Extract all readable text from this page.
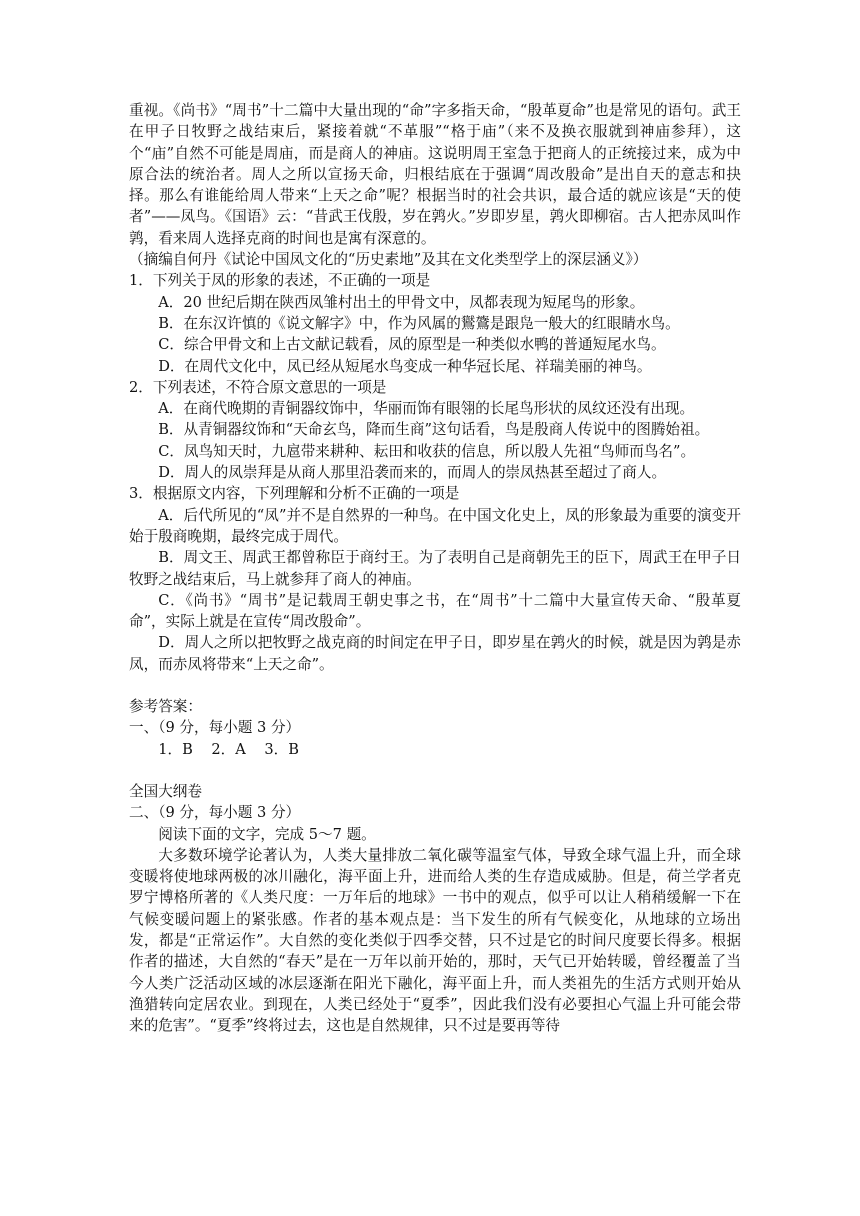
重视。《尚书》“周书”十二篇中大量出现的“命”字多指天命，“殷革夏命”也是常见的语句。武王在甲子日牧野之战结束后，紧接着就“不革服”“格于庙”（来不及换衣服就到神庙参拜），这个“庙”自然不可能是周庙，而是商人的神庙。这说明周王室急于把商人的正统接过来，成为中原合法的统治者。周人之所以宣扬天命，归根结底在于强调“周改殷命”是出自天的意志和抉择。那么有谁能给周人带来“上天之命”呢？根据当时的社会共识，最合适的就应该是“天的使者”——凤鸟。《国语》云：“昔武王伐殷，岁在鹑火。”岁即岁星，鹑火即柳宿。古人把赤凤叫作鹑，看来周人选择克商的时间也是寓有深意的。

（摘编自何丹《试论中国凤文化的“历史素地”及其在文化类型学上的深层涵义》）

1．下列关于凤的形象的表述，不正确的一项是

A．20 世纪后期在陕西凤雏村出土的甲骨文中，凤都表现为短尾鸟的形象。

B．在东汉许慎的《说文解字》中，作为风属的鸑鷟是跟凫一般大的红眼睛水鸟。

C．综合甲骨文和上古文献记载看，凤的原型是一种类似水鸭的普通短尾水鸟。

D．在周代文化中，凤已经从短尾水鸟变成一种华冠长尾、祥瑞美丽的神鸟。

2．下列表述，不符合原文意思的一项是

A．在商代晚期的青铜器纹饰中，华丽而饰有眼翎的长尾鸟形状的凤纹还没有出现。

B．从青铜器纹饰和“天命玄鸟，降而生商”这句话看，鸟是殷商人传说中的图腾始祖。

C．凤鸟知天时，九扈带来耕种、耘田和收获的信息，所以殷人先祖“鸟师而鸟名”。

D．周人的凤崇拜是从商人那里沿袭而来的，而周人的崇凤热甚至超过了商人。

3．根据原文内容，下列理解和分析不正确的一项是

A．后代所见的“凤”并不是自然界的一种鸟。在中国文化史上，凤的形象最为重要的演变开始于殷商晚期，最终完成于周代。

B．周文王、周武王都曾称臣于商纣王。为了表明自己是商朝先王的臣下，周武王在甲子日牧野之战结束后，马上就参拜了商人的神庙。

C．《尚书》“周书”是记载周王朝史事之书，在“周书”十二篇中大量宣传天命、“殷革夏命”，实际上就是在宣传“周改殷命”。

D．周人之所以把牧野之战克商的时间定在甲子日，即岁星在鹑火的时候，就是因为鹑是赤凤，而赤凤将带来“上天之命”。

参考答案：

一、（9 分，每小题 3 分）

1．B    2．A    3．B

全国大纲卷

二、（9 分，每小题 3 分）

阅读下面的文字，完成 5～7 题。

大多数环境学论著认为，人类大量排放二氧化碳等温室气体，导致全球气温上升，而全球变暖将使地球两极的冰川融化，海平面上升，进而给人类的生存造成威胁。但是，荷兰学者克罗宁博格所著的《人类尺度：一万年后的地球》一书中的观点，似乎可以让人稍稍缓解一下在气候变暖问题上的紧张感。作者的基本观点是：当下发生的所有气候变化，从地球的立场出发，都是“正常运作”。大自然的变化类似于四季交替，只不过是它的时间尺度要长得多。根据作者的描述，大自然的“春天”是在一万年以前开始的，那时，天气已开始转暖，曾经覆盖了当今人类广泛活动区域的冰层逐渐在阳光下融化，海平面上升，而人类祖先的生活方式则开始从渔猎转向定居农业。到现在，人类已经处于“夏季”，因此我们没有必要担心气温上升可能会带来的危害”。“夏季”终将过去，这也是自然规律，只不过是要再等待
